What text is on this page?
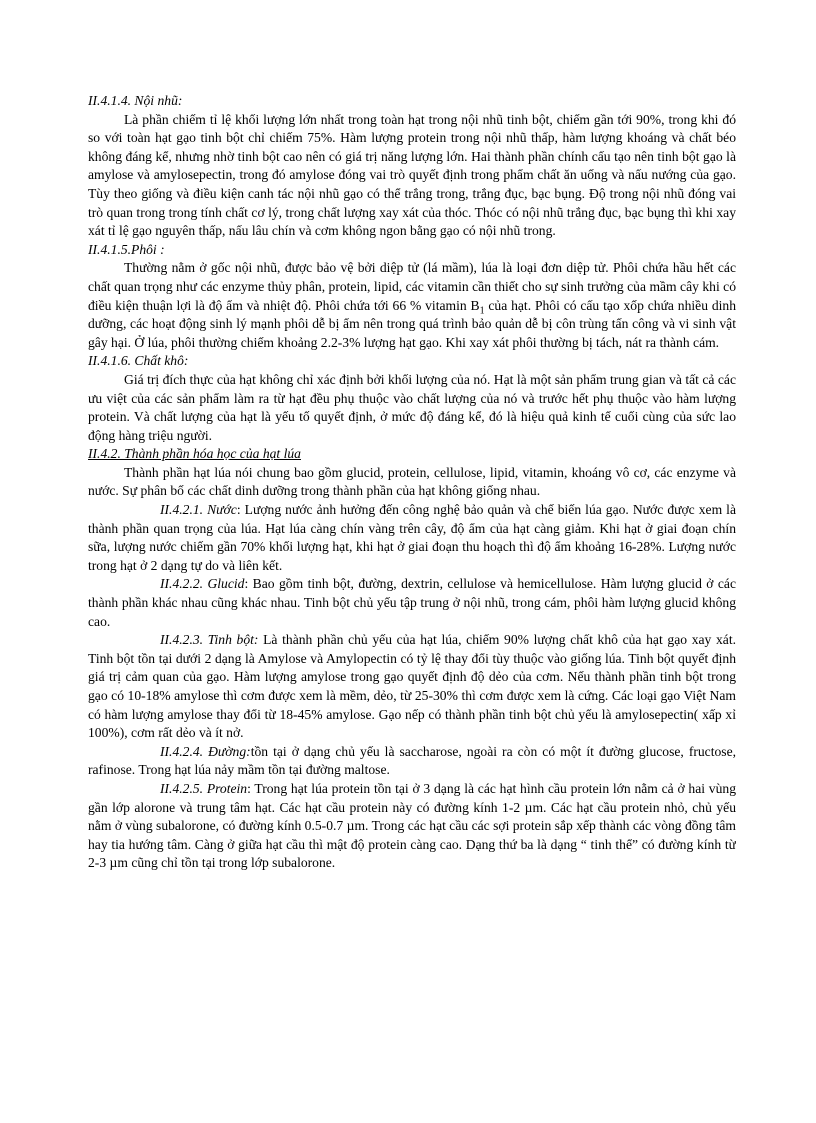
II.4.1.4. Nội nhũ:

Là phần chiếm tỉ lệ khối lượng lớn nhất trong toàn hạt trong nội nhũ tinh bột, chiếm gần tới 90%, trong khi đó so với toàn hạt gạo tinh bột chỉ chiếm 75%. Hàm lượng protein trong nội nhũ thấp, hàm lượng khoáng và chất béo không đáng kể, nhưng nhờ tinh bột cao nên có giá trị năng lượng lớn. Hai thành phần chính cấu tạo nên tinh bột gạo là amylose và amylosepectin, trong đó amylose đóng vai trò quyết định trong phẩm chất ăn uống và nấu nướng của gạo. Tùy theo giống và điều kiện canh tác nội nhũ gạo có thể trắng trong, trắng đục, bạc bụng. Độ trong nội nhũ đóng vai trò quan trong trong tính chất cơ lý, trong chất lượng xay xát của thóc. Thóc có nội nhũ trắng đục, bạc bụng thì khi xay xát tỉ lệ gạo nguyên thấp, nấu lâu chín và cơm không ngon bằng gạo có nội nhũ trong.

II.4.1.5.Phôi :

Thường nằm ở gốc nội nhũ, được bảo vệ bởi diệp tử (lá mầm), lúa là loại đơn diệp tử. Phôi chứa hầu hết các chất quan trọng như các enzyme thủy phân, protein, lipid, các vitamin cần thiết cho sự sinh trưởng của mầm cây khi có điều kiện thuận lợi là độ ẩm và nhiệt độ. Phôi chứa tới 66 % vitamin $B_1$ của hạt. Phôi có cấu tạo xốp chứa nhiều dinh dưỡng, các hoạt động sinh lý mạnh phôi dễ bị ẩm nên trong quá trình bảo quản dễ bị côn trùng tấn công và vi sinh vật gây hại. Ở lúa, phôi thường chiếm khoảng 2.2-3% lượng hạt gạo. Khi xay xát phôi thường bị tách, nát ra thành cám.

II.4.1.6. Chất khô:

Giá trị đích thực của hạt không chỉ xác định bởi khối lượng của nó. Hạt là một sản phẩm trung gian và tất cả các ưu việt của các sản phẩm làm ra từ hạt đều phụ thuộc vào chất lượng của nó và trước hết phụ thuộc vào hàm lượng protein. Và chất lượng của hạt là yếu tố quyết định, ở mức độ đáng kể, đó là hiệu quả kinh tế cuối cùng của sức lao động hàng triệu người.

II.4.2. Thành phần hóa học của hạt lúa

Thành phần hạt lúa nói chung bao gồm glucid, protein, cellulose, lipid, vitamin, khoáng vô cơ, các enzyme và nước. Sự phân bố các chất dinh dưỡng trong thành phần của hạt không giống nhau.

II.4.2.1. Nước: Lượng nước ảnh hưởng đến công nghệ bảo quản và chế biến lúa gạo. Nước được xem là thành phần quan trọng của lúa. Hạt lúa càng chín vàng trên cây, độ ẩm của hạt càng giảm. Khi hạt ở giai đoạn chín sữa, lượng nước chiếm gần 70% khối lượng hạt, khi hạt ở giai đoạn thu hoạch thì độ ẩm khoảng 16-28%. Lượng nước trong hạt ở 2 dạng tự do và liên kết.

II.4.2.2. Glucid: Bao gồm tinh bột, đường, dextrin, cellulose và hemicellulose. Hàm lượng glucid ở các thành phần khác nhau cũng khác nhau. Tinh bột chủ yếu tập trung ở nội nhũ, trong cám, phôi hàm lượng glucid không cao.

II.4.2.3. Tinh bột: Là thành phần chủ yếu của hạt lúa, chiếm 90% lượng chất khô của hạt gạo xay xát. Tinh bột tồn tại dưới 2 dạng là Amylose và Amylopectin có tỷ lệ thay đổi tùy thuộc vào giống lúa. Tinh bột quyết định giá trị cảm quan của gạo. Hàm lượng amylose trong gạo quyết định độ dẻo của cơm. Nếu thành phần tinh bột trong gạo có 10-18% amylose thì cơm được xem là mềm, dẻo, từ 25-30% thì cơm được xem là cứng. Các loại gạo Việt Nam có hàm lượng amylose thay đổi từ 18-45% amylose. Gạo nếp có thành phần tinh bột chủ yếu là amylosepectin( xấp xỉ 100%), cơm rất dẻo và ít nở.

II.4.2.4. Đường:tồn tại ở dạng chủ yếu là saccharose, ngoài ra còn có một ít đường glucose, fructose, rafinose. Trong hạt lúa nảy mầm tồn tại đường maltose.

II.4.2.5. Protein: Trong hạt lúa protein tồn tại ở 3 dạng là các hạt hình cầu protein lớn nằm cả ở hai vùng gần lớp alorone và trung tâm hạt. Các hạt cầu protein này có đường kính 1-2 µm. Các hạt cầu protein nhỏ, chủ yếu nằm ở vùng subalorone, có đường kính 0.5-0.7 µm. Trong các hạt cầu các sợi protein sắp xếp thành các vòng đồng tâm hay tia hướng tâm. Càng ở giữa hạt cầu thì mật độ protein càng cao. Dạng thứ ba là dạng “ tinh thể” có đường kính từ 2-3 µm cũng chỉ tồn tại trong lớp subalorone.
